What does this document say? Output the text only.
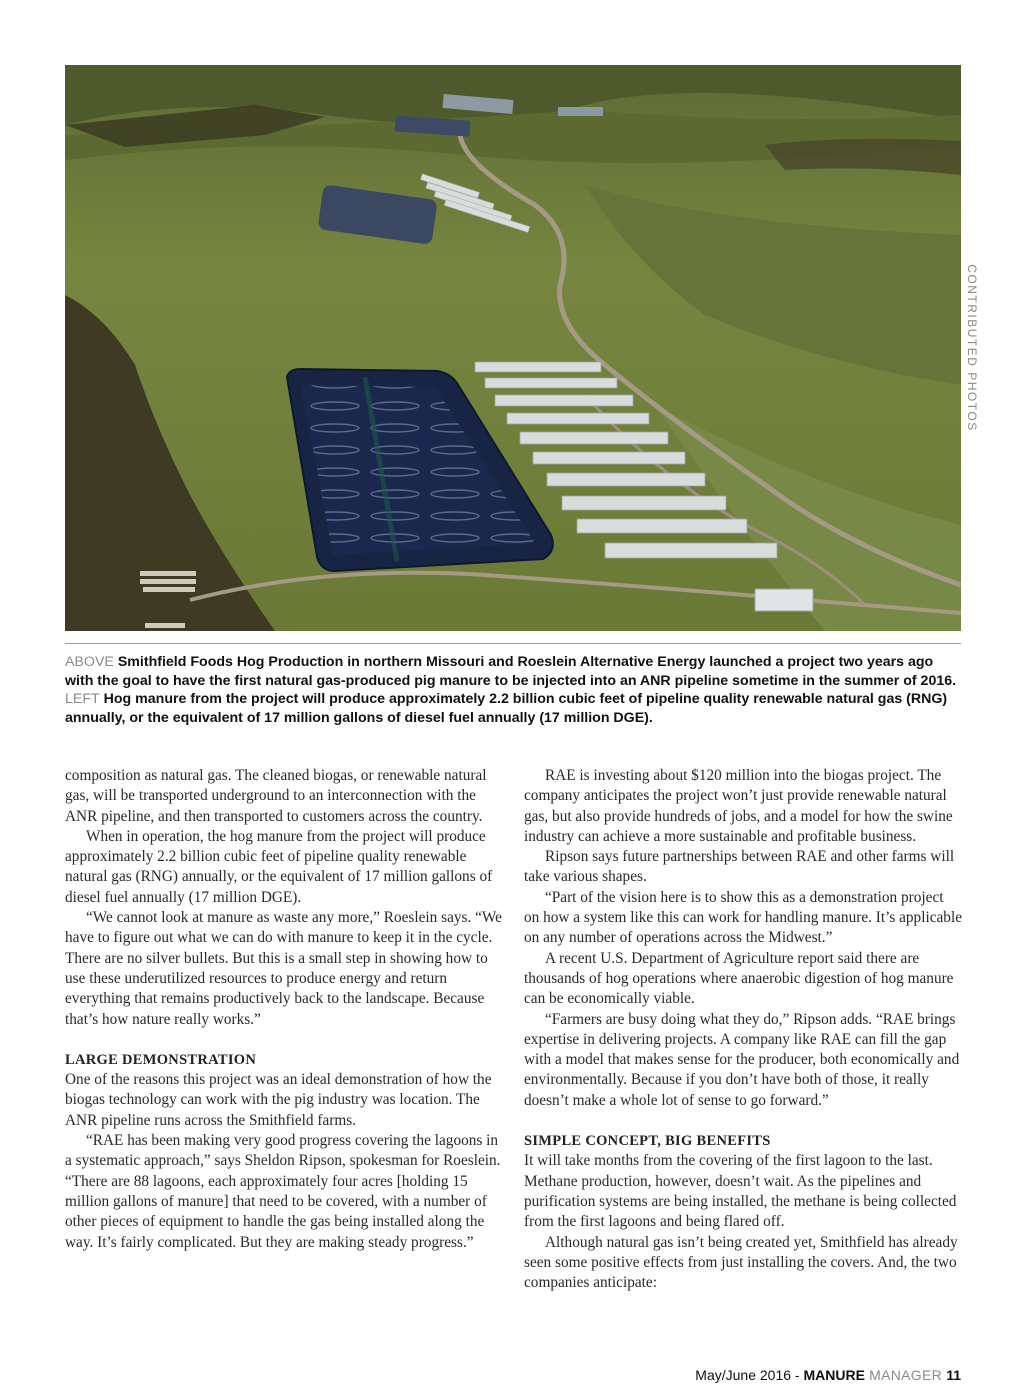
CONTRIBUTED PHOTOS

ABOVE Smithfield Foods Hog Production in northern Missouri and Roeslein Alternative Energy launched a project two years ago with the goal to have the first natural gas-produced pig manure to be injected into an ANR pipeline sometime in the summer of 2016.

LEFT Hog manure from the project will produce approximately 2.2 billion cubic feet of pipeline quality renewable natural gas (RNG) annually, or the equivalent of 17 million gallons of diesel fuel annually (17 million DGE).

composition as natural gas. The cleaned biogas, or renewable natural gas, will be transported underground to an interconnection with the ANR pipeline, and then transported to customers across the country.

When in operation, the hog manure from the project will produce approximately 2.2 billion cubic feet of pipeline quality renewable natural gas (RNG) annually, or the equivalent of 17 million gallons of diesel fuel annually (17 million DGE).

“We cannot look at manure as waste any more,” Roeslein says. “We have to figure out what we can do with manure to keep it in the cycle. There are no silver bullets. But this is a small step in showing how to use these underutilized resources to produce energy and return everything that remains productively back to the landscape. Because that’s how nature really works.”

LARGE DEMONSTRATION

One of the reasons this project was an ideal demonstration of how the biogas technology can work with the pig industry was location. The ANR pipeline runs across the Smithfield farms.

“RAE has been making very good progress covering the lagoons in a systematic approach,” says Sheldon Ripson, spokesman for Roeslein. “There are 88 lagoons, each approximately four acres [holding 15 million gallons of manure] that need to be covered, with a number of other pieces of equipment to handle the gas being installed along the way. It’s fairly complicated. But they are making steady progress.”

RAE is investing about $120 million into the biogas project. The company anticipates the project won’t just provide renewable natural gas, but also provide hundreds of jobs, and a model for how the swine industry can achieve a more sustainable and profitable business.

Ripson says future partnerships between RAE and other farms will take various shapes.

“Part of the vision here is to show this as a demonstration project on how a system like this can work for handling manure. It’s applicable on any number of operations across the Midwest.”

A recent U.S. Department of Agriculture report said there are thousands of hog operations where anaerobic digestion of hog manure can be economically viable.

“Farmers are busy doing what they do,” Ripson adds. “RAE brings expertise in delivering projects. A company like RAE can fill the gap with a model that makes sense for the producer, both economically and environmentally. Because if you don’t have both of those, it really doesn’t make a whole lot of sense to go forward.”

SIMPLE CONCEPT, BIG BENEFITS

It will take months from the covering of the first lagoon to the last. Methane production, however, doesn’t wait. As the pipelines and purification systems are being installed, the methane is being collected from the first lagoons and being flared off.

Although natural gas isn’t being created yet, Smithfield has already seen some positive effects from just installing the covers. And, the two companies anticipate:

May/June 2016 - MANURE MANAGER 11
